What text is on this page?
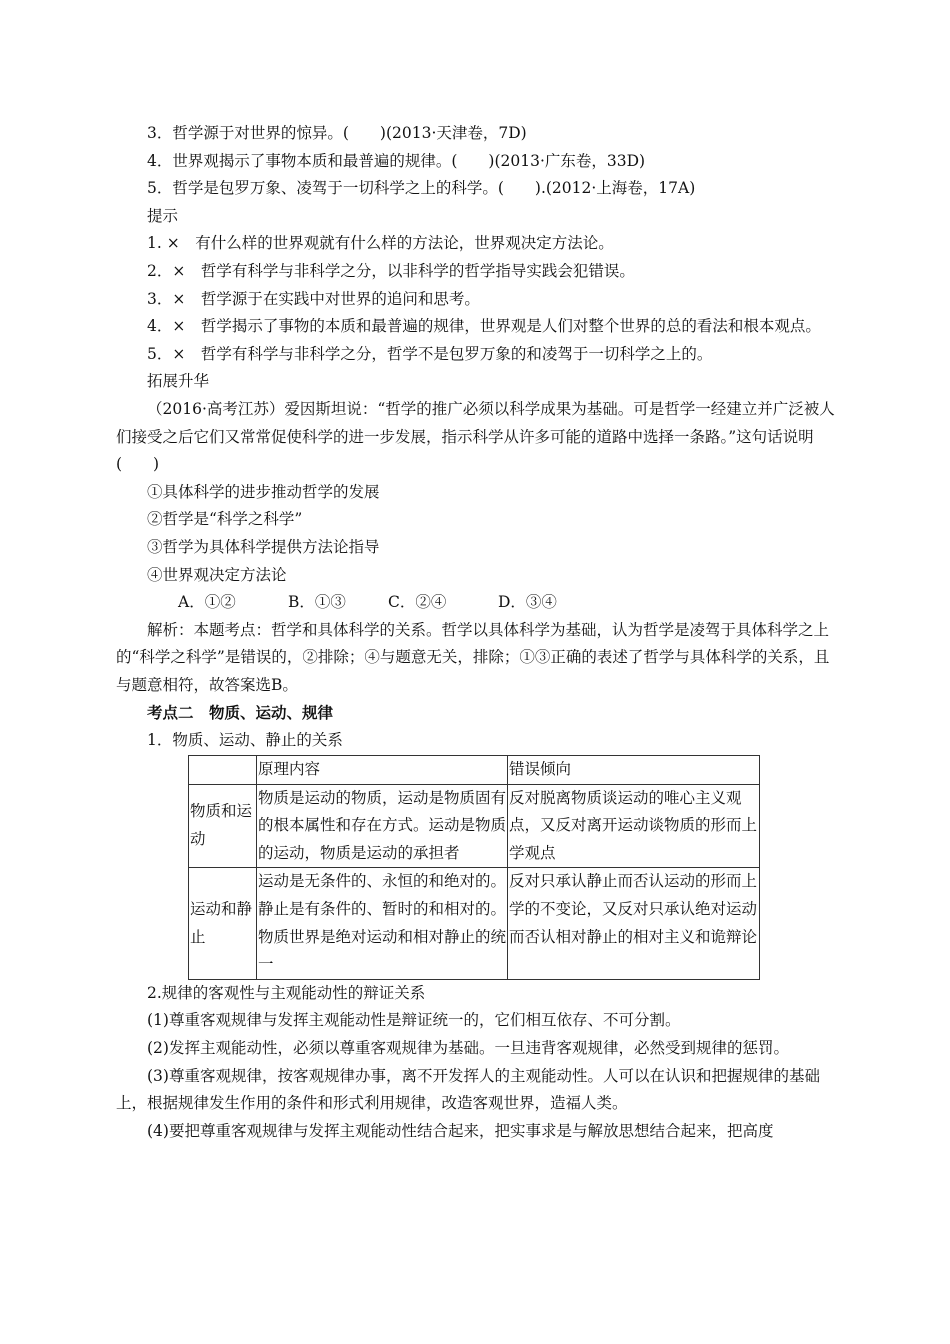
3．哲学源于对世界的惊异。(　　)(2013·天津卷，7D)

4．世界观揭示了事物本质和最普遍的规律。(　　)(2013·广东卷，33D)

5．哲学是包罗万象、凌驾于一切科学之上的科学。(　　).(2012·上海卷，17A)

提示

1. ×　有什么样的世界观就有什么样的方法论，世界观决定方法论。

2．×　哲学有科学与非科学之分，以非科学的哲学指导实践会犯错误。

3．×　哲学源于在实践中对世界的追问和思考。

4．×　哲学揭示了事物的本质和最普遍的规律，世界观是人们对整个世界的总的看法和根本观点。

5．×　哲学有科学与非科学之分，哲学不是包罗万象的和凌驾于一切科学之上的。

拓展升华

（2016·高考江苏）爱因斯坦说：“哲学的推广必须以科学成果为基础。可是哲学一经建立并广泛被人们接受之后它们又常常促使科学的进一步发展，指示科学从许多可能的道路中选择一条路。”这句话说明(　　)

①具体科学的进步推动哲学的发展

②哲学是“科学之科学”

③哲学为具体科学提供方法论指导

④世界观决定方法论

A．①②	B．①③	C．②④	D．③④

解析：本题考点：哲学和具体科学的关系。哲学以具体科学为基础，认为哲学是凌驾于具体科学之上的“科学之科学”是错误的，②排除；④与题意无关，排除；①③正确的表述了哲学与具体科学的关系，且与题意相符，故答案选B。

考点二　物质、运动、规律

1．物质、运动、静止的关系

	原理内容	错误倾向
物质和运动	物质是运动的物质，运动是物质固有的根本属性和存在方式。运动是物质的运动，物质是运动的承担者	反对脱离物质谈运动的唯心主义观点，又反对离开运动谈物质的形而上学观点
运动和静止	运动是无条件的、永恒的和绝对的。静止是有条件的、暂时的和相对的。物质世界是绝对运动和相对静止的统一	反对只承认静止而否认运动的形而上学的不变论，又反对只承认绝对运动而否认相对静止的相对主义和诡辩论

2.规律的客观性与主观能动性的辩证关系

(1)尊重客观规律与发挥主观能动性是辩证统一的，它们相互依存、不可分割。

(2)发挥主观能动性，必须以尊重客观规律为基础。一旦违背客观规律，必然受到规律的惩罚。

(3)尊重客观规律，按客观规律办事，离不开发挥人的主观能动性。人可以在认识和把握规律的基础上，根据规律发生作用的条件和形式利用规律，改造客观世界，造福人类。

(4)要把尊重客观规律与发挥主观能动性结合起来，把实事求是与解放思想结合起来，把高度
